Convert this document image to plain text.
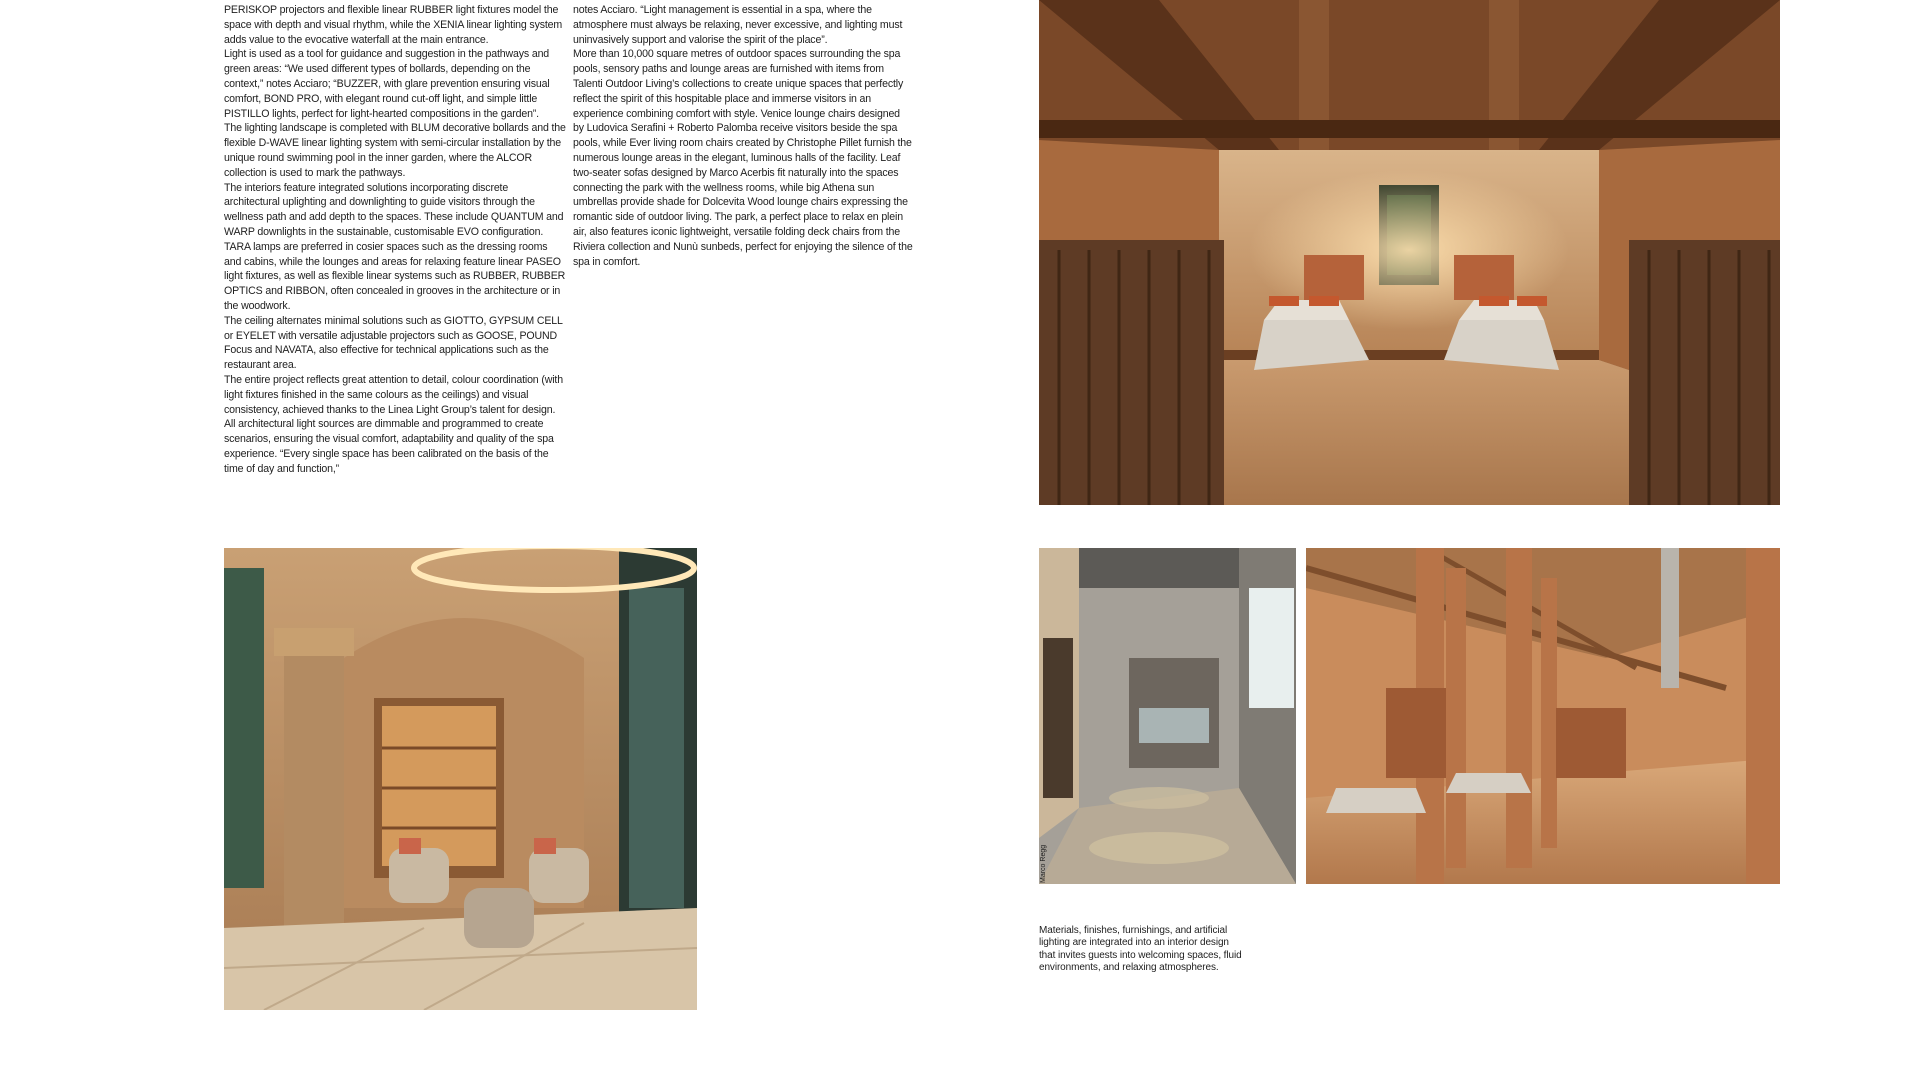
PERISKOP projectors and flexible linear RUBBER light fixtures model the space with depth and visual rhythm, while the XENIA linear lighting system adds value to the evocative waterfall at the main entrance.

Light is used as a tool for guidance and suggestion in the pathways and green areas: “We used different types of bollards, depending on the context,” notes Acciaro; “BUZZER, with glare prevention ensuring visual comfort, BOND PRO, with elegant round cut-off light, and simple little PISTILLO lights, perfect for light-hearted compositions in the garden”.

The lighting landscape is completed with BLUM decorative bollards and the flexible D-WAVE linear lighting system with semi-circular installation by the unique round swimming pool in the inner garden, where the ALCOR collection is used to mark the pathways.

The interiors feature integrated solutions incorporating discrete architectural uplighting and downlighting to guide visitors through the wellness path and add depth to the spaces. These include QUANTUM and WARP downlights in the sustainable, customisable EVO configuration. TARA lamps are preferred in cosier spaces such as the dressing rooms and cabins, while the lounges and areas for relaxing feature linear PASEO light fixtures, as well as flexible linear systems such as RUBBER, RUBBER OPTICS and RIBBON, often concealed in grooves in the architecture or in the woodwork.

The ceiling alternates minimal solutions such as GIOTTO, GYPSUM CELL or EYELET with versatile adjustable projectors such as GOOSE, POUND Focus and NAVATA, also effective for technical applications such as the restaurant area.

The entire project reflects great attention to detail, colour coordination (with light fixtures finished in the same colours as the ceilings) and visual consistency, achieved thanks to the Linea Light Group’s talent for design. All architectural light sources are dimmable and programmed to create scenarios, ensuring the visual comfort, adaptability and quality of the spa experience. “Every single space has been calibrated on the basis of the time of day and function,”

notes Acciaro. “Light management is essential in a spa, where the atmosphere must always be relaxing, never excessive, and lighting must uninvasively support and valorise the spirit of the place”.

More than 10,000 square metres of outdoor spaces surrounding the spa pools, sensory paths and lounge areas are furnished with items from Talenti Outdoor Living’s collections to create unique spaces that perfectly reflect the spirit of this hospitable place and immerse visitors in an experience combining comfort with style. Venice lounge chairs designed by Ludovica Serafini + Roberto Palomba receive visitors beside the spa pools, while Ever living room chairs created by Christophe Pillet furnish the numerous lounge areas in the elegant, luminous halls of the facility. Leaf two-seater sofas designed by Marco Acerbis fit naturally into the spaces connecting the park with the wellness rooms, while big Athena sun umbrellas provide shade for Dolcevita Wood lounge chairs expressing the romantic side of outdoor living. The park, a perfect place to relax en plein air, also features iconic lightweight, versatile folding deck chairs from the Riviera collection and Nunù sunbeds, perfect for enjoying the silence of the spa in comfort.

Marco Regg
Materials, finishes, furnishings, and artificial lighting are integrated into an interior design that invites guests into welcoming spaces, fluid environments, and relaxing atmospheres.
